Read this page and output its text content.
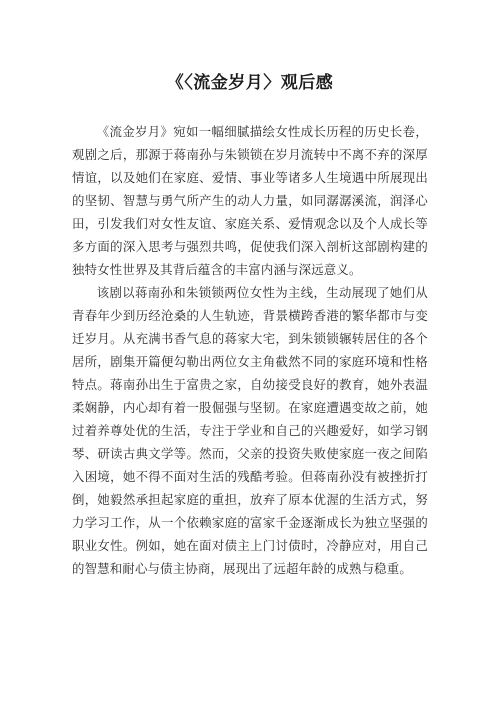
《〈流金岁月〉观后感

《流金岁月》宛如一幅细腻描绘女性成长历程的历史长卷，观剧之后，那源于蒋南孙与朱锁锁在岁月流转中不离不弃的深厚情谊，以及她们在家庭、爱情、事业等诸多人生境遇中所展现出的坚韧、智慧与勇气所产生的动人力量，如同潺潺溪流，润泽心田，引发我们对女性友谊、家庭关系、爱情观念以及个人成长等多方面的深入思考与强烈共鸣，促使我们深入剖析这部剧构建的独特女性世界及其背后蕴含的丰富内涵与深远意义。

该剧以蒋南孙和朱锁锁两位女性为主线，生动展现了她们从青春年少到历经沧桑的人生轨迹，背景横跨香港的繁华都市与变迁岁月。从充满书香气息的蒋家大宅，到朱锁锁辗转居住的各个居所，剧集开篇便勾勒出两位女主角截然不同的家庭环境和性格特点。蒋南孙出生于富贵之家，自幼接受良好的教育，她外表温柔娴静，内心却有着一股倔强与坚韧。在家庭遭遇变故之前，她过着养尊处优的生活，专注于学业和自己的兴趣爱好，如学习钢琴、研读古典文学等。然而，父亲的投资失败使家庭一夜之间陷入困境，她不得不面对生活的残酷考验。但蒋南孙没有被挫折打倒，她毅然承担起家庭的重担，放弃了原本优渥的生活方式，努力学习工作，从一个依赖家庭的富家千金逐渐成长为独立坚强的职业女性。例如，她在面对债主上门讨债时，冷静应对，用自己的智慧和耐心与债主协商，展现出了远超年龄的成熟与稳重。
